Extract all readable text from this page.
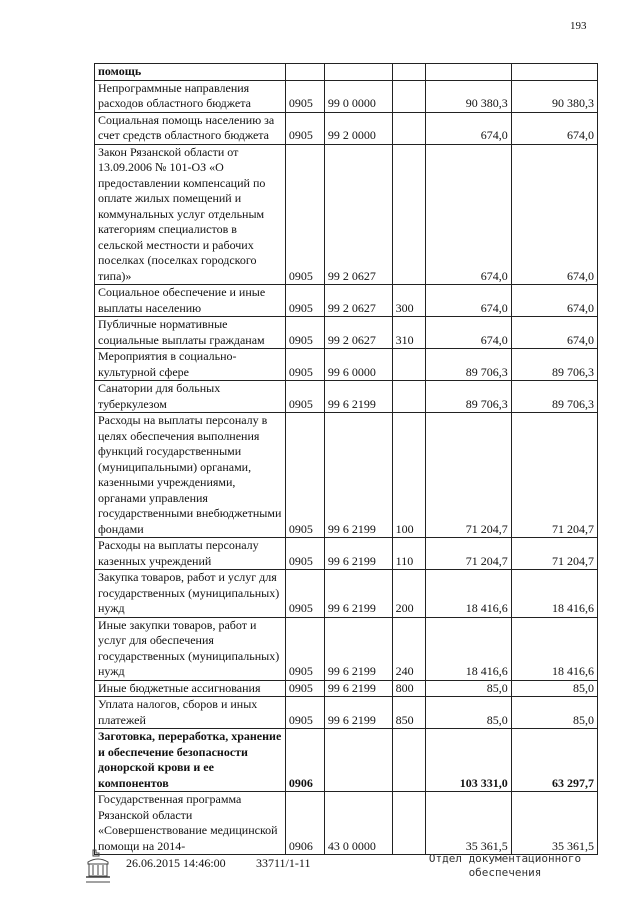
193
помощь					
Непрограммные направления расходов областного бюджета	0905	99 0 0000		90 380,3	90 380,3
Социальная помощь населению за счет средств областного бюджета	0905	99 2 0000		674,0	674,0
Закон Рязанской области от 13.09.2006 № 101-ОЗ «О предоставлении компенсаций по оплате жилых помещений и коммунальных услуг отдельным категориям специалистов в сельской местности и рабочих поселках (поселках городского типа)»	0905	99 2 0627		674,0	674,0
Социальное обеспечение и иные выплаты населению	0905	99 2 0627	300	674,0	674,0
Публичные нормативные социальные выплаты гражданам	0905	99 2 0627	310	674,0	674,0
Мероприятия в социально-культурной сфере	0905	99 6 0000		89 706,3	89 706,3
Санатории для больных туберкулезом	0905	99 6 2199		89 706,3	89 706,3
Расходы на выплаты персоналу в целях обеспечения выполнения функций государственными (муниципальными) органами, казенными учреждениями, органами управления государственными внебюджетными фондами	0905	99 6 2199	100	71 204,7	71 204,7
Расходы на выплаты персоналу казенных учреждений	0905	99 6 2199	110	71 204,7	71 204,7
Закупка товаров, работ и услуг для государственных (муниципальных) нужд	0905	99 6 2199	200	18 416,6	18 416,6
Иные закупки товаров, работ и услуг для обеспечения государственных (муниципальных) нужд	0905	99 6 2199	240	18 416,6	18 416,6
Иные бюджетные ассигнования	0905	99 6 2199	800	85,0	85,0
Уплата налогов, сборов и иных платежей	0905	99 6 2199	850	85,0	85,0
Заготовка, переработка, хранение и обеспечение безопасности донорской крови и ее компонентов	0906			103 331,0	63 297,7
Государственная программа Рязанской области «Совершенствование медицинской помощи на 2014-	0906	43 0 0000		35 361,5	35 361,5
26.06.2015 14:46:00	33711/1-11	Отдел документационного
обеспечения
